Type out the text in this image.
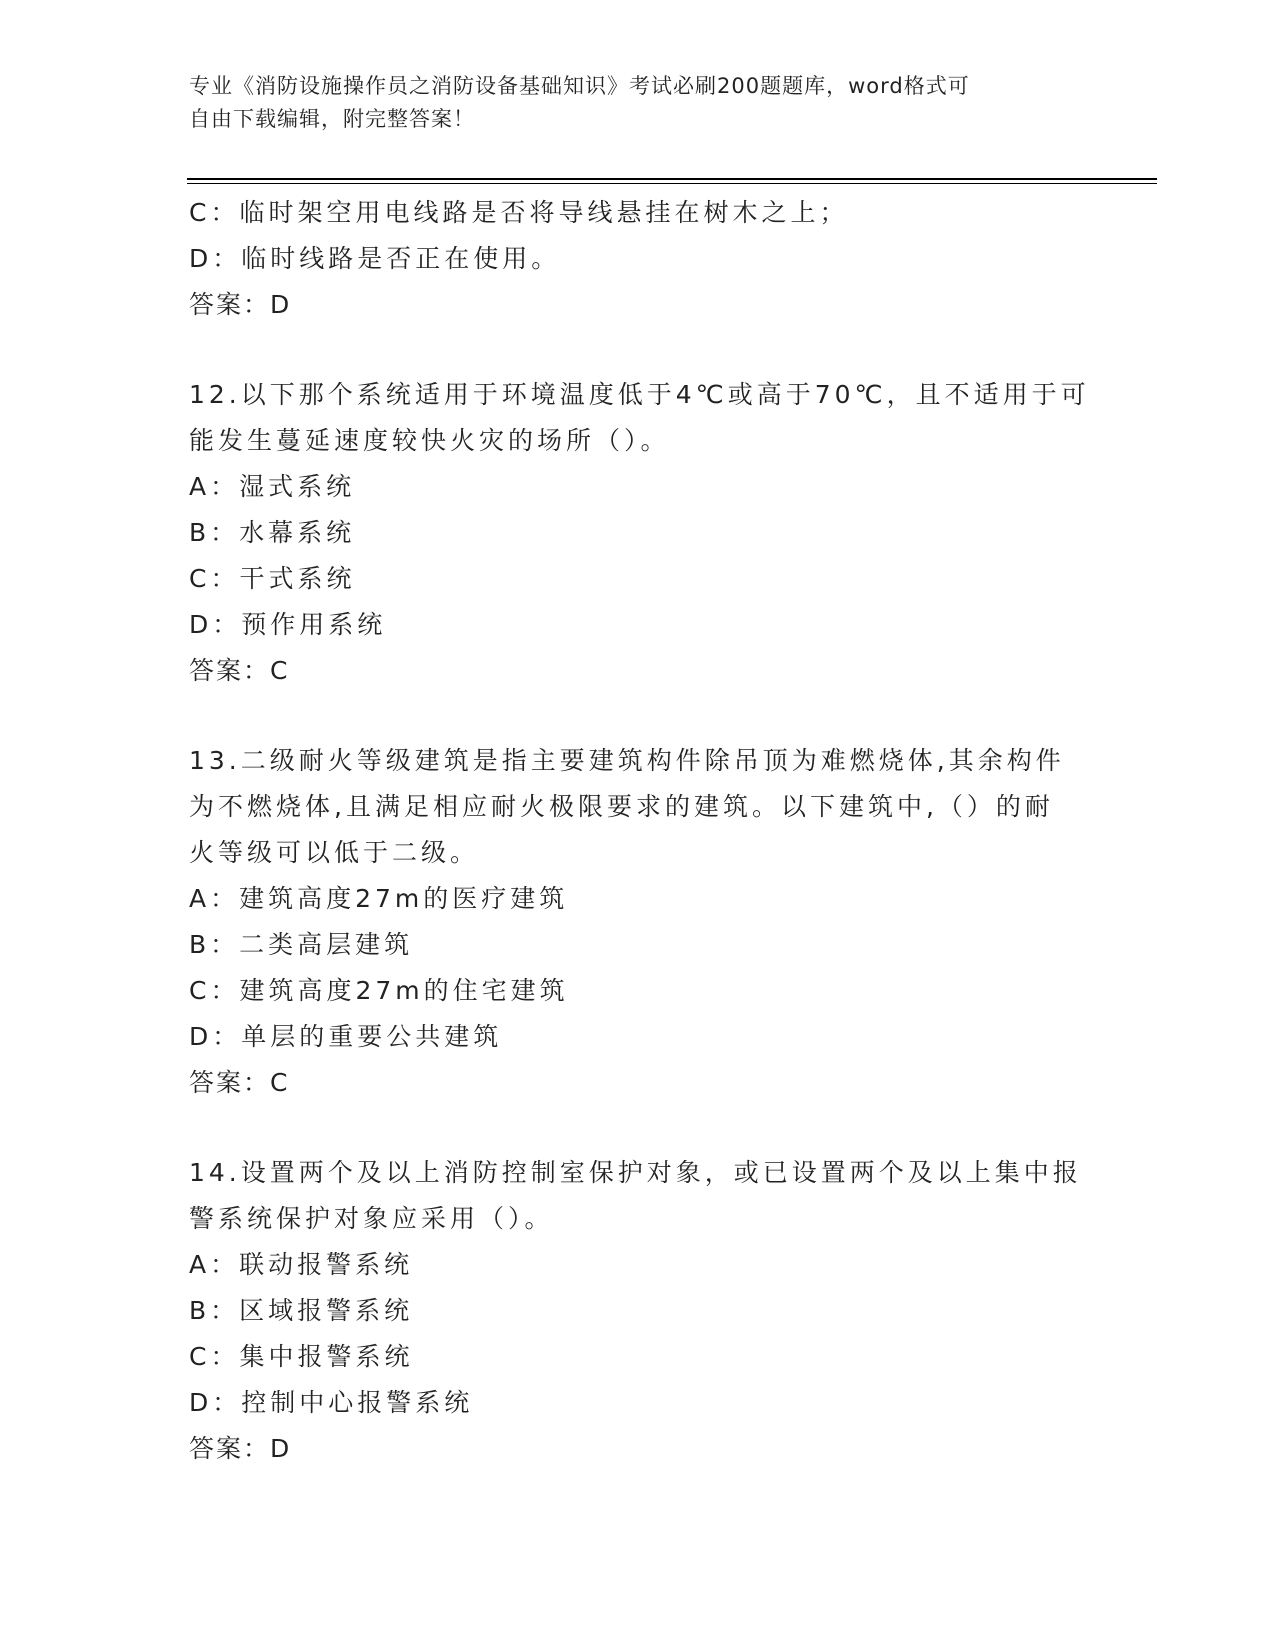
专业《消防设施操作员之消防设备基础知识》考试必刷200题题库，word格式可
自由下载编辑，附完整答案！
C：临时架空用电线路是否将导线悬挂在树木之上；
D：临时线路是否正在使用。
答案：D
12.以下那个系统适用于环境温度低于4℃或高于70℃，且不适用于可
能发生蔓延速度较快火灾的场所（）。
A：湿式系统
B：水幕系统
C：干式系统
D：预作用系统
答案：C
13.二级耐火等级建筑是指主要建筑构件除吊顶为难燃烧体,其余构件
为不燃烧体,且满足相应耐火极限要求的建筑。以下建筑中,（）的耐
火等级可以低于二级。
A：建筑高度27m的医疗建筑
B：二类高层建筑
C：建筑高度27m的住宅建筑
D：单层的重要公共建筑
答案：C
14.设置两个及以上消防控制室保护对象，或已设置两个及以上集中报
警系统保护对象应采用（）。
A：联动报警系统
B：区域报警系统
C：集中报警系统
D：控制中心报警系统
答案：D
